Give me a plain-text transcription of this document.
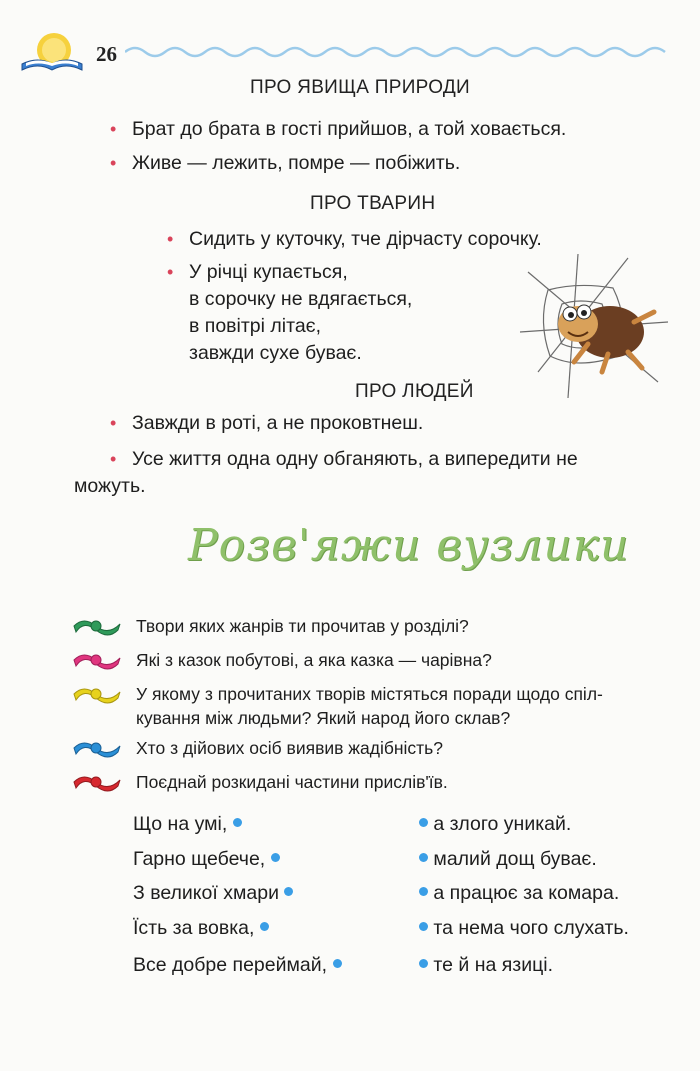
26
ПРО ЯВИЩА ПРИРОДИ
• Брат до брата в гості прийшов, а той ховається.
• Живе — лежить, помре — побіжить.
ПРО ТВАРИН
• Сидить у куточку, тче дірчасту сорочку.
• У річці купається,
в сорочку не вдягається,
в повітрі літає,
завжди сухе буває.
ПРО ЛЮДЕЙ
• Завжди в роті, а не проковтнеш.
• Усе життя одна одну обганяють, а випередити не
можуть.
Розв'яжи вузлики
Твори яких жанрів ти прочитав у розділі?
Які з казок побутові, а яка казка — чарівна?
У якому з прочитаних творів містяться поради щодо спіл-
кування між людьми? Який народ його склав?
Хто з дійових осіб виявив жадібність?
Поєднай розкидані частини прислів'їв.
Що на умі,
Гарно щебече,
З великої хмари
Їсть за вовка,
Все добре переймай,
а злого уникай.
малий дощ буває.
а працює за комара.
та нема чого слухать.
те й на язиці.
